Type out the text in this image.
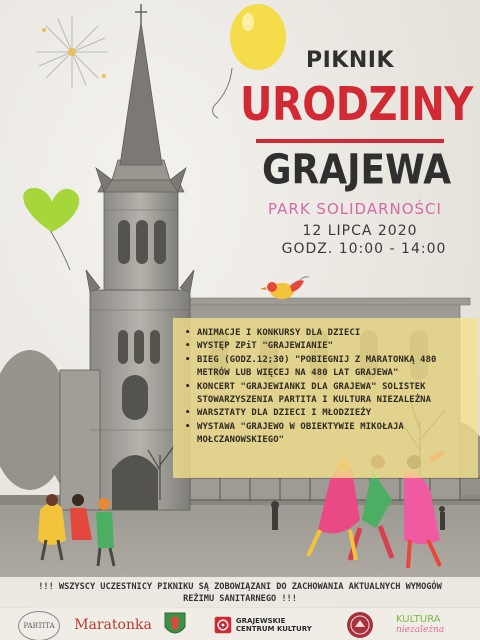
PIKNIK
URODZINY
GRAJEWA
PARK SOLIDARNOŚCI
12 LIPCA 2020
GODZ. 10:00 - 14:00
• ANIMACJE I KONKURSY DLA DZIECI
• WYSTĘP ZPiT "GRAJEWIANIE"
• BIEG (GODZ.12;30) "POBIEGNIJ Z MARATONKĄ 480 METRÓW LUB WIĘCEJ NA 480 LAT GRAJEWA"
• KONCERT "GRAJEWIANKI DLA GRAJEWA" SOLISTEK STOWARZYSZENIA PARTITA I KULTURA NIEZALEŻNA
• WARSZTATY DLA DZIECI I MŁODZIEŻY
• WYSTAWA "GRAJEWO W OBIEKTYWIE MIKOŁAJA MOŁCZANOWSKIEGO"

!!! WSZYSCY UCZESTNICY PIKNIKU SĄ ZOBOWIĄZANI DO ZACHOWANIA AKTUALNYCH WYMOGÓW REŻIMU SANITARNEGO !!!

PARTITA Maratonka	GRAJEWSKIE CENTRUM KULTURY
KULTURA
niezależna
